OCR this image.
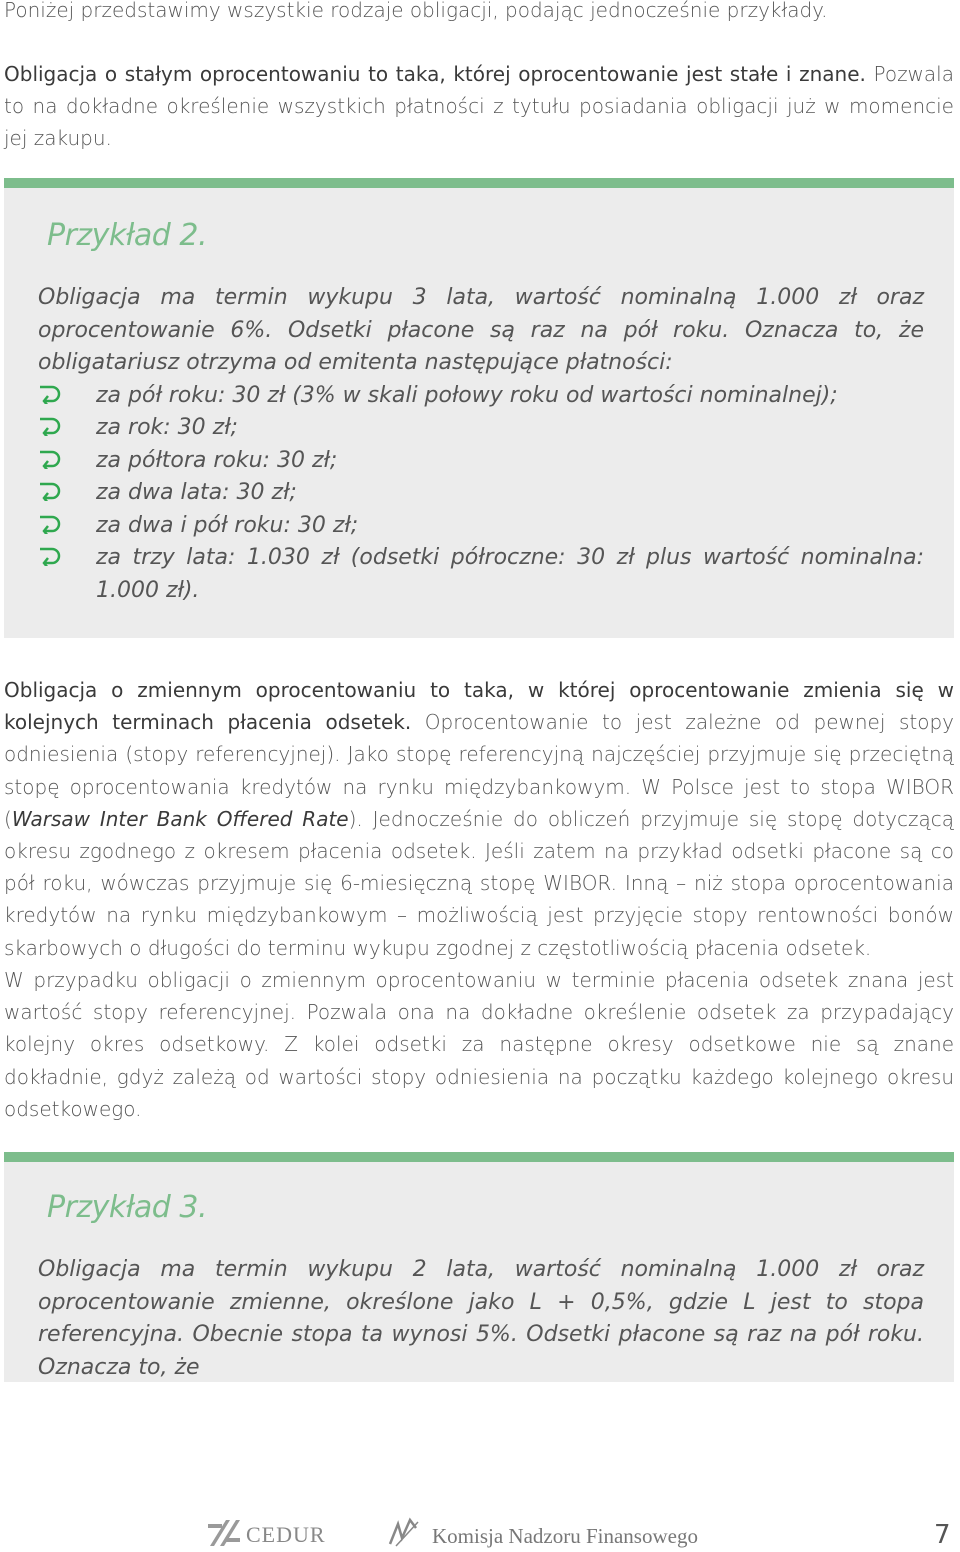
Poniżej przedstawimy wszystkie rodzaje obligacji, podając jednocześnie przykłady.
Obligacja o stałym oprocentowaniu to taka, której oprocentowanie jest stałe i znane. Pozwala to na dokładne określenie wszystkich płatności z tytułu posiadania obligacji już w momencie jej zakupu.
Przykład 2.

Obligacja ma termin wykupu 3 lata, wartość nominalną 1.000 zł oraz oprocentowanie 6%. Odsetki płacone są raz na pół roku. Oznacza to, że obligatariusz otrzyma od emitenta następujące płatności:

za pół roku: 30 zł (3% w skali połowy roku od wartości nominalnej);
za rok: 30 zł;
za półtora roku: 30 zł;
za dwa lata: 30 zł;
za dwa i pół roku: 30 zł;
za trzy lata: 1.030 zł (odsetki półroczne: 30 zł plus wartość nominalna: 1.000 zł).
Obligacja o zmiennym oprocentowaniu to taka, w której oprocentowanie zmienia się w kolejnych terminach płacenia odsetek. Oprocentowanie to jest zależne od pewnej stopy odniesienia (stopy referencyjnej). Jako stopę referencyjną najczęściej przyjmuje się przeciętną stopę oprocentowania kredytów na rynku międzybankowym. W Polsce jest to stopa WIBOR (Warsaw Inter Bank Offered Rate). Jednocześnie do obliczeń przyjmuje się stopę dotyczącą okresu zgodnego z okresem płacenia odsetek. Jeśli zatem na przykład odsetki płacone są co pół roku, wówczas przyjmuje się 6-miesięczną stopę WIBOR. Inną – niż stopa oprocentowania kredytów na rynku międzybankowym – możliwością jest przyjęcie stopy rentowności bonów skarbowych o długości do terminu wykupu zgodnej z częstotliwością płacenia odsetek.
W przypadku obligacji o zmiennym oprocentowaniu w terminie płacenia odsetek znana jest wartość stopy referencyjnej. Pozwala ona na dokładne określenie odsetek za przypadający kolejny okres odsetkowy. Z kolei odsetki za następne okresy odsetkowe nie są znane dokładnie, gdyż zależą od wartości stopy odniesienia na początku każdego kolejnego okresu odsetkowego.
Przykład 3.

Obligacja ma termin wykupu 2 lata, wartość nominalną 1.000 zł oraz oprocentowanie zmienne, określone jako L + 0,5%, gdzie L jest to stopa referencyjna. Obecnie stopa ta wynosi 5%. Odsetki płacone są raz na pół roku. Oznacza to, że

CEDUR	Komisja Nadzoru Finansowego	7
